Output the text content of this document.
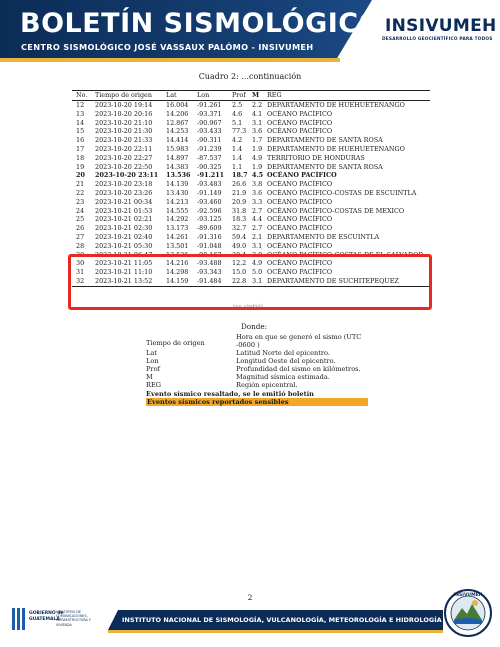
BOLETÍN SISMOLÓGICO
CENTRO SISMOLÓGICO JOSÉ VASSAUX PALÓMO - INSIVUMEH
INSIVUMEH
DESARROLLO GEOCIENTÍFICO PARA TODOS
Cuadro 2: ...continuación
No. Tiempo de origen Lat	Lon	Prof M REG
12 2023-10-20 19:14 16.004 -91.261 2.5 2.2 DEPARTAMENTO DE HUEHUETENANGO
13 2023-10-20 20:16 14.206 -93.371 4.6 4.1 OCÉANO PACÍFICO
14 2023-10-20 21:10 12.867 -90.967 5.1 3.1 OCÉANO PACÍFICO
15 2023-10-20 21:30 14.253 -93.433 77.3 3.6 OCÉANO PACÍFICO
16 2023-10-20 21:33 14.414 -90.311 4.2 1.7 DEPARTAMENTO DE SANTA ROSA
17 2023-10-20 22:11 15.983 -91.239 1.4 1.9 DEPARTAMENTO DE HUEHUETENANGO
18 2023-10-20 22:27 14.897 -87.537 1.4 4.9 TERRITORIO DE HONDURAS
19 2023-10-20 22:50 14.383 -90.325 1.1 1.9 DEPARTAMENTO DE SANTA ROSA
20 2023-10-20 23:11 13.536 -91.211 18.7 4.5 OCÉANO PACÍFICO
21 2023-10-20 23:18 14.139 -93.483 26.6 3.8 OCÉANO PACÍFICO
22 2023-10-20 23:26 13.430 -91.149 21.9 3.6 OCÉANO PACÍFICO-COSTAS DE ESCUINTLA
23 2023-10-21 00:34 14.213 -93.460 20.9 3.3 OCÉANO PACÍFICO
24 2023-10-21 01:53 14.555 -92.596 31.8 2.7 OCÉANO PACÍFICO-COSTAS DE MEXICO
25 2023-10-21 02:21 14.292 -93.125 18.3 4.4 OCÉANO PACÍFICO
26 2023-10-21 02:30 13.173 -89.609 32.7 2.7 OCÉANO PACÍFICO
27 2023-10-21 02:40 14.261 -91.316 59.4 2.1 DEPARTAMENTO DE ESCUINTLA
28 2023-10-21 05:30 13.501 -91.048 49.0 3.1 OCÉANO PACÍFICO
29 2023-10-21 06:47 13.526 -90.167 30.4 3.0 OCÉANO PACÍFICO-COSTAS DE EL SALVADOR
30 2023-10-21 11:05 14.216 -93.488 12.2 4.9 OCÉANO PACÍFICO
31 2023-10-21 11:10 14.298 -93.343 15.0 5.0 OCÉANO PACÍFICO
32 2023-10-21 13:52 14.159 -91.484 22.8 3.1 DEPARTAMENTO DE SUCHITEPEQUEZ
(se sintió)
Donde:
Tiempo de origen
Hora en que se generó el sismo (UTC -0600 )
Lat	Latitud Norte del epicentro.
Lon	Longitud Oeste del epicentro.
Prof	Profundidad del sismo en kilómetros.
M	Magnitud sísmica estimada.
REG	Región epicentral.
Evento sísmico resaltado, se le emitió boletín
Eventos sísmicos reportados sensibles
2
GOBIERNO de
GUATEMALA
MINISTERIO DE COMUNICACIONES, INFRAESTRUCTURA Y VIVIENDA
INSTITUTO NACIONAL DE SISMOLOGÍA, VULCANOLOGÍA, METEOROLOGÍA E HIDROLOGÍA
INSIVUMEH
